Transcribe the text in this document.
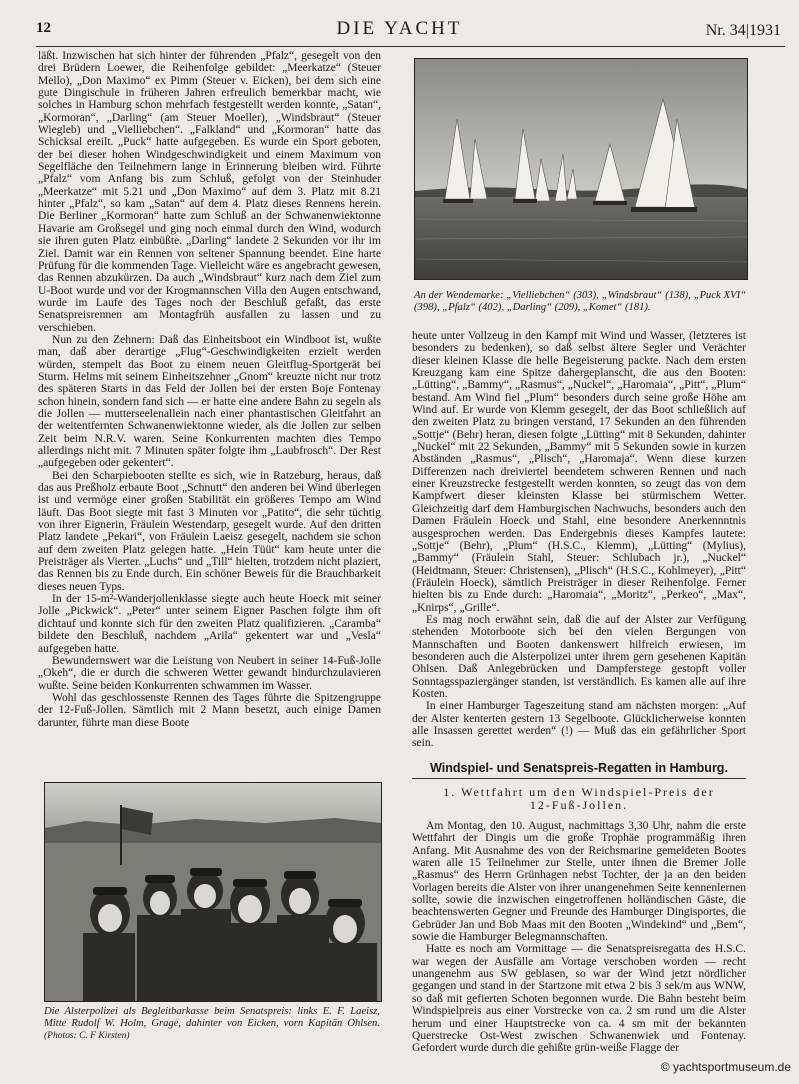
12	DIE YACHT	Nr. 34|1931

läßt. Inzwischen hat sich hinter der führenden „Pfalz“, gesegelt von den drei Brüdern Loewer, die Reihenfolge gebildet: „Meerkatze“ (Steuer Mello), „Don Maximo“ ex Pimm (Steuer v. Eicken), bei dem sich eine gute Dingischule in früheren Jahren erfreulich bemerkbar macht, wie solches in Hamburg schon mehrfach festgestellt werden konnte, „Satan“, „Kormoran“, „Darling“ (am Steuer Moeller), „Windsbraut“ (Steuer Wiegleb) und „Vielliebchen“. „Falkland“ und „Kormoran“ hatte das Schicksal ereilt. „Puck“ hatte aufgegeben. Es wurde ein Sport geboten, der bei dieser hohen Windgeschwindigkeit und einem Maximum von Segelfläche den Teilnehmern lange in Erinnerung bleiben wird. Führte „Pfalz“ vom Anfang bis zum Schluß, gefolgt von der Steinhuder „Meerkatze“ mit 5.21 und „Don Maximo“ auf dem 3. Platz mit 8.21 hinter „Pfalz“, so kam „Satan“ auf dem 4. Platz dieses Rennens herein. Die Berliner „Kormoran“ hatte zum Schluß an der Schwanenwiektonne Havarie am Großsegel und ging noch einmal durch den Wind, wodurch sie ihren guten Platz einbüßte. „Darling“ landete 2 Sekunden vor ihr im Ziel. Damit war ein Rennen von seltener Spannung beendet. Eine harte Prüfung für die kommenden Tage. Vielleicht wäre es angebracht gewesen, das Rennen abzukürzen. Da auch „Windsbraut“ kurz nach dem Ziel zum U-Boot wurde und vor der Krogmannschen Villa den Augen entschwand, wurde im Laufe des Tages noch der Beschluß gefaßt, das erste Senatspreisrennen am Montagfrüh ausfallen zu lassen und zu verschieben.

Nun zu den Zehnern: Daß das Einheitsboot ein Windboot ist, wußte man, daß aber derartige „Flug“-Geschwindigkeiten erzielt werden würden, stempelt das Boot zu einem neuen Gleitflug-Sportgerät bei Sturm. Helms mit seinem Einheitszehner „Gnom“ kreuzte nicht nur trotz des späteren Starts in das Feld der Jollen bei der ersten Boje Fontenay schon hinein, sondern fand sich — er hatte eine andere Bahn zu segeln als die Jollen — mutterseelenallein nach einer phantastischen Gleitfahrt an der weitentfernten Schwanenwiektonne wieder, als die Jollen zur selben Zeit beim N.R.V. waren. Seine Konkurrenten machten dies Tempo allerdings nicht mit. 7 Minuten später folgte ihm „Laubfrosch“. Der Rest „aufgegeben oder gekentert“.

Bei den Scharpiebooten stellte es sich, wie in Ratzeburg, heraus, daß das aus Preßholz erbaute Boot „Schnutt“ den anderen bei Wind überlegen ist und vermöge einer großen Stabilität ein größeres Tempo am Wind läuft. Das Boot siegte mit fast 3 Minuten vor „Patito“, die sehr tüchtig von ihrer Eignerin, Fräulein Westendarp, gesegelt wurde. Auf den dritten Platz landete „Pekari“, von Fräulein Laeisz gesegelt, nachdem sie schon auf dem zweiten Platz gelegen hatte. „Hein Tüüt“ kam heute unter die Preisträger als Vierter. „Luchs“ und „Till“ hielten, trotzdem nicht plaziert, das Rennen bis zu Ende durch. Ein schöner Beweis für die Brauchbarkeit dieses neuen Typs.

In der 15-m²-Wanderjollenklasse siegte auch heute Hoeck mit seiner Jolle „Pickwick“. „Peter“ unter seinem Eigner Paschen folgte ihm oft dichtauf und konnte sich für den zweiten Platz qualifizieren. „Caramba“ bildete den Beschluß, nachdem „Arila“ gekentert war und „Vesla“ aufgegeben hatte.

Bewundernswert war die Leistung von Neubert in seiner 14-Fuß-Jolle „Okeh“, die er durch die schweren Wetter gewandt hindurchzulavieren wußte. Seine beiden Konkurrenten schwammen im Wasser.

Wohl das geschlossenste Rennen des Tages führte die Spitzengruppe der 12-Fuß-Jollen. Sämtlich mit 2 Mann besetzt, auch einige Damen darunter, führte man diese Boote

An der Wendemarke: „Vielliebchen“ (303), „Windsbraut“ (138), „Puck XVI“ (398), „Pfalz“ (402), „Darling“ (209), „Komet“ (181).

heute unter Vollzeug in den Kampf mit Wind und Wasser, (letzteres ist besonders zu bedenken), so daß selbst ältere Segler und Verächter dieser kleinen Klasse die helle Begeisterung packte. Nach dem ersten Kreuzgang kam eine Spitze dahergeplanscht, die aus den Booten: „Lütting“, „Bammy“, „Rasmus“, „Nuckel“, „Haromaia“, „Pitt“, „Plum“ bestand. Am Wind fiel „Plum“ besonders durch seine große Höhe am Wind auf. Er wurde von Klemm gesegelt, der das Boot schließlich auf den zweiten Platz zu bringen verstand, 17 Sekunden an den führenden „Sottje“ (Behr) heran, diesen folgte „Lütting“ mit 8 Sekunden, dahinter „Nuckel“ mit 22 Sekunden, „Bammy“ mit 5 Sekunden sowie in kurzen Abständen „Rasmus“, „Plisch“, „Haromaja“. Wenn diese kurzen Differenzen nach dreiviertel beendetem schweren Rennen und nach einer Kreuzstrecke festgestellt werden konnten, so zeugt das von dem Kampfwert dieser kleinsten Klasse bei stürmischem Wetter. Gleichzeitig darf dem Hamburgischen Nachwuchs, besonders auch den Damen Fräulein Hoeck und Stahl, eine besondere Anerkennntnis ausgesprochen werden. Das Endergebnis dieses Kampfes lautete: „Sottje“ (Behr), „Plum“ (H.S.C., Klemm), „Lütting“ (Mylius), „Bammy“ (Fräulein Stahl, Steuer: Schlubach jr.), „Nuckel“ (Heidtmann, Steuer: Christensen), „Plisch“ (H.S.C., Kohlmeyer), „Pitt“ (Fräulein Hoeck), sämtlich Preisträger in dieser Reihenfolge. Ferner hielten bis zu Ende durch: „Haromaia“, „Moritz“, „Perkeo“, „Max“, „Knirps“, „Grille“.

Es mag noch erwähnt sein, daß die auf der Alster zur Verfügung stehenden Motorboote sich bei den vielen Bergungen von Mannschaften und Booten dankenswert hilfreich erwiesen, im besonderen auch die Alsterpolizei unter ihrem gern gesehenen Kapitän Ohlsen. Daß Anlegebrücken und Dampferstege gestopft voller Sonntagsspaziergänger standen, ist verständlich. Es kamen alle auf ihre Kosten.

In einer Hamburger Tageszeitung stand am nächsten morgen: „Auf der Alster kenterten gestern 13 Segelboote. Glücklicherweise konnten alle Insassen gerettet werden“ (!) — Muß das ein gefährlicher Sport sein.

Windspiel- und Senatspreis-Regatten in Hamburg.
1. Wettfahrt um den Windspiel-Preis der
12-Fuß-Jollen.

Am Montag, den 10. August, nachmittags 3,30 Uhr, nahm die erste Wettfahrt der Dingis um die große Trophäe programmäßig ihren Anfang. Mit Ausnahme des von der Reichsmarine gemeldeten Bootes waren alle 15 Teilnehmer zur Stelle, unter ihnen die Bremer Jolle „Rasmus“ des Herrn Grünhagen nebst Tochter, der ja an den beiden Vorlagen bereits die Alster von ihrer unangenehmen Seite kennenlernen sollte, sowie die inzwischen eingetroffenen holländischen Gäste, die beachtenswerten Gegner und Freunde des Hamburger Dingisportes, die Gebrüder Jan und Bob Maas mit den Booten „Windekind“ und „Bem“, sowie die Hamburger Belegmannschaften.

Hatte es noch am Vormittage — die Senatspreisregatta des H.S.C. war wegen der Ausfälle am Vortage verschoben worden — recht unangenehm aus SW geblasen, so war der Wind jetzt nördlicher gegangen und stand in der Startzone mit etwa 2 bis 3 sek/m aus WNW, so daß mit gefierten Schoten begonnen wurde. Die Bahn besteht beim Windspielpreis aus einer Vorstrecke von ca. 2 sm rund um die Alster herum und einer Hauptstrecke von ca. 4 sm mit der bekannten Querstrecke Ost-West zwischen Schwanenwiek und Fontenay. Gefordert wurde durch die gehißte grün-weiße Flagge der

Die Alsterpolizei als Begleitbarkasse beim Senatspreis: links E. F. Laeisz, Mitte Rudolf W. Holm, Grage, dahinter von Eicken, vorn Kapitän Ohlsen. (Photos: C. F Kirsten)
© yachtsportmuseum.de
